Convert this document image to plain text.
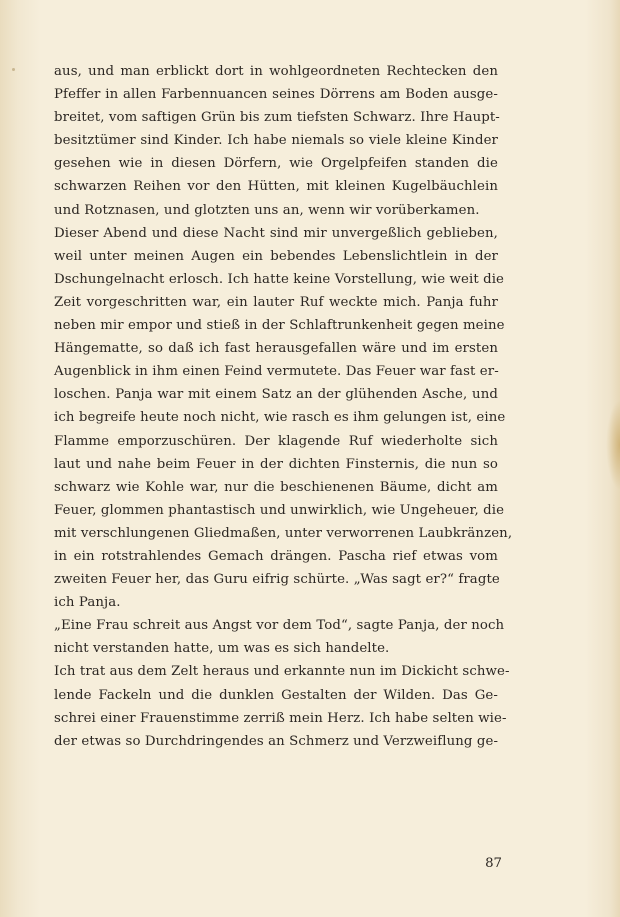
aus, und man erblickt dort in wohlgeordneten Rechtecken den
Pfeffer in allen Farbennuancen seines Dörrens am Boden ausge-
breitet, vom saftigen Grün bis zum tiefsten Schwarz. Ihre Haupt-
besitztümer sind Kinder. Ich habe niemals so viele kleine Kinder
gesehen wie in diesen Dörfern, wie Orgelpfeifen standen die
schwarzen Reihen vor den Hütten, mit kleinen Kugelbäuchlein
und Rotznasen, und glotzten uns an, wenn wir vorüberkamen.
Dieser Abend und diese Nacht sind mir unvergeßlich geblieben,
weil unter meinen Augen ein bebendes Lebenslichtlein in der
Dschungelnacht erlosch. Ich hatte keine Vorstellung, wie weit die
Zeit vorgeschritten war, ein lauter Ruf weckte mich. Panja fuhr
neben mir empor und stieß in der Schlaftrunkenheit gegen meine
Hängematte, so daß ich fast herausgefallen wäre und im ersten
Augenblick in ihm einen Feind vermutete. Das Feuer war fast er-
loschen. Panja war mit einem Satz an der glühenden Asche, und
ich begreife heute noch nicht, wie rasch es ihm gelungen ist, eine
Flamme emporzuschüren. Der klagende Ruf wiederholte sich
laut und nahe beim Feuer in der dichten Finsternis, die nun so
schwarz wie Kohle war, nur die beschienenen Bäume, dicht am
Feuer, glommen phantastisch und unwirklich, wie Ungeheuer, die
mit verschlungenen Gliedmaßen, unter verworrenen Laubkränzen,
in ein rotstrahlendes Gemach drängen. Pascha rief etwas vom
zweiten Feuer her, das Guru eifrig schürte. „Was sagt er?“ fragte
ich Panja.
„Eine Frau schreit aus Angst vor dem Tod“, sagte Panja, der noch
nicht verstanden hatte, um was es sich handelte.
Ich trat aus dem Zelt heraus und erkannte nun im Dickicht schwe-
lende Fackeln und die dunklen Gestalten der Wilden. Das Ge-
schrei einer Frauenstimme zerriß mein Herz. Ich habe selten wie-
der etwas so Durchdringendes an Schmerz und Verzweiflung ge-
87
